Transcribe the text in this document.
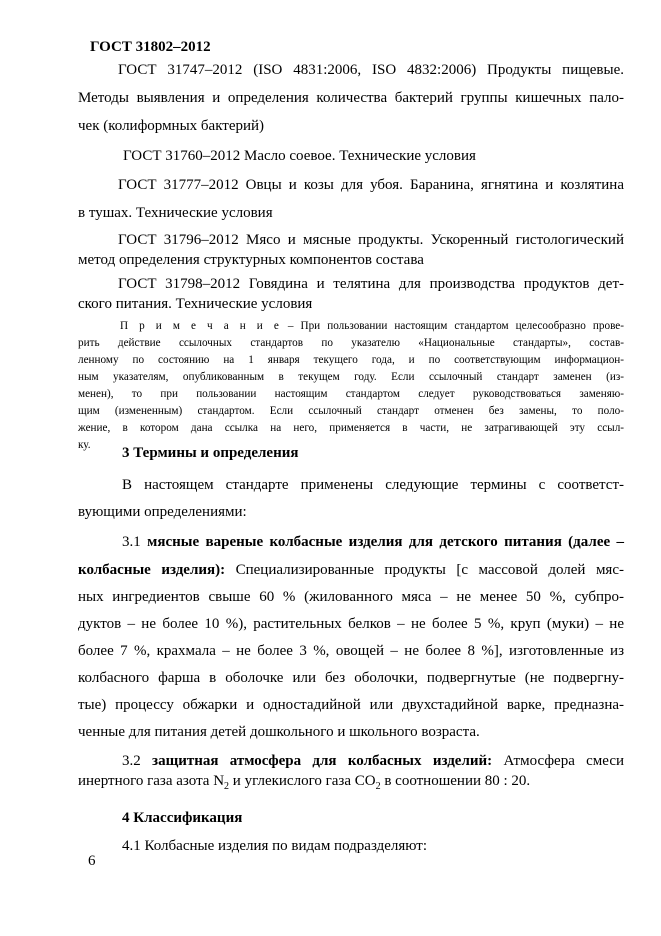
ГОСТ 31802–2012
ГОСТ 31747–2012 (ISO 4831:2006, ISO 4832:2006) Продукты пищевые.
Методы выявления и определения количества бактерий группы кишечных пало-
чек (колиформных бактерий)
ГОСТ 31760–2012 Масло соевое. Технические условия
ГОСТ 31777–2012 Овцы и козы для убоя. Баранина, ягнятина и козлятина
в тушах. Технические условия
ГОСТ 31796–2012 Мясо и мясные продукты. Ускоренный гистологический
метод определения структурных компонентов состава
ГОСТ 31798–2012 Говядина и телятина для производства продуктов дет-
ского питания. Технические условия
П р и м е ч а н и е – При пользовании настоящим стандартом целесообразно прове-
рить действие ссылочных стандартов по указателю «Национальные стандарты», состав-
ленному по состоянию на 1 января текущего года, и по соответствующим информацион-
ным указателям, опубликованным в текущем году. Если ссылочный стандарт заменен (из-
менен), то при пользовании настоящим стандартом следует руководствоваться заменяю-
щим (измененным) стандартом. Если ссылочный стандарт отменен без замены, то поло-
жение, в котором дана ссылка на него, применяется в части, не затрагивающей эту ссыл-
ку.	3 Термины и определения
В настоящем стандарте применены следующие термины с соответст-
вующими определениями:
3.1 мясные вареные колбасные изделия для детского питания (далее –
колбасные изделия): Специализированные продукты [с массовой долей мяс-
ных ингредиентов свыше 60 % (жилованного мяса – не менее 50 %, субпро-
дуктов – не более 10 %), растительных белков – не более 5 %, круп (муки) – не
более 7 %, крахмала – не более 3 %, овощей – не более 8 %], изготовленные из
колбасного фарша в оболочке или без оболочки, подвергнутые (не подвергну-
тые) процессу обжарки и одностадийной или двухстадийной варке, предназна-
ченные для питания детей дошкольного и школьного возраста.
3.2 защитная атмосфера для колбасных изделий: Атмосфера смеси
инертного газа азота $N_2$ и углекислого газа $CO_2$ в соотношении 80 : 20.
4 Классификация
4.1 Колбасные изделия по видам подразделяют:
6
